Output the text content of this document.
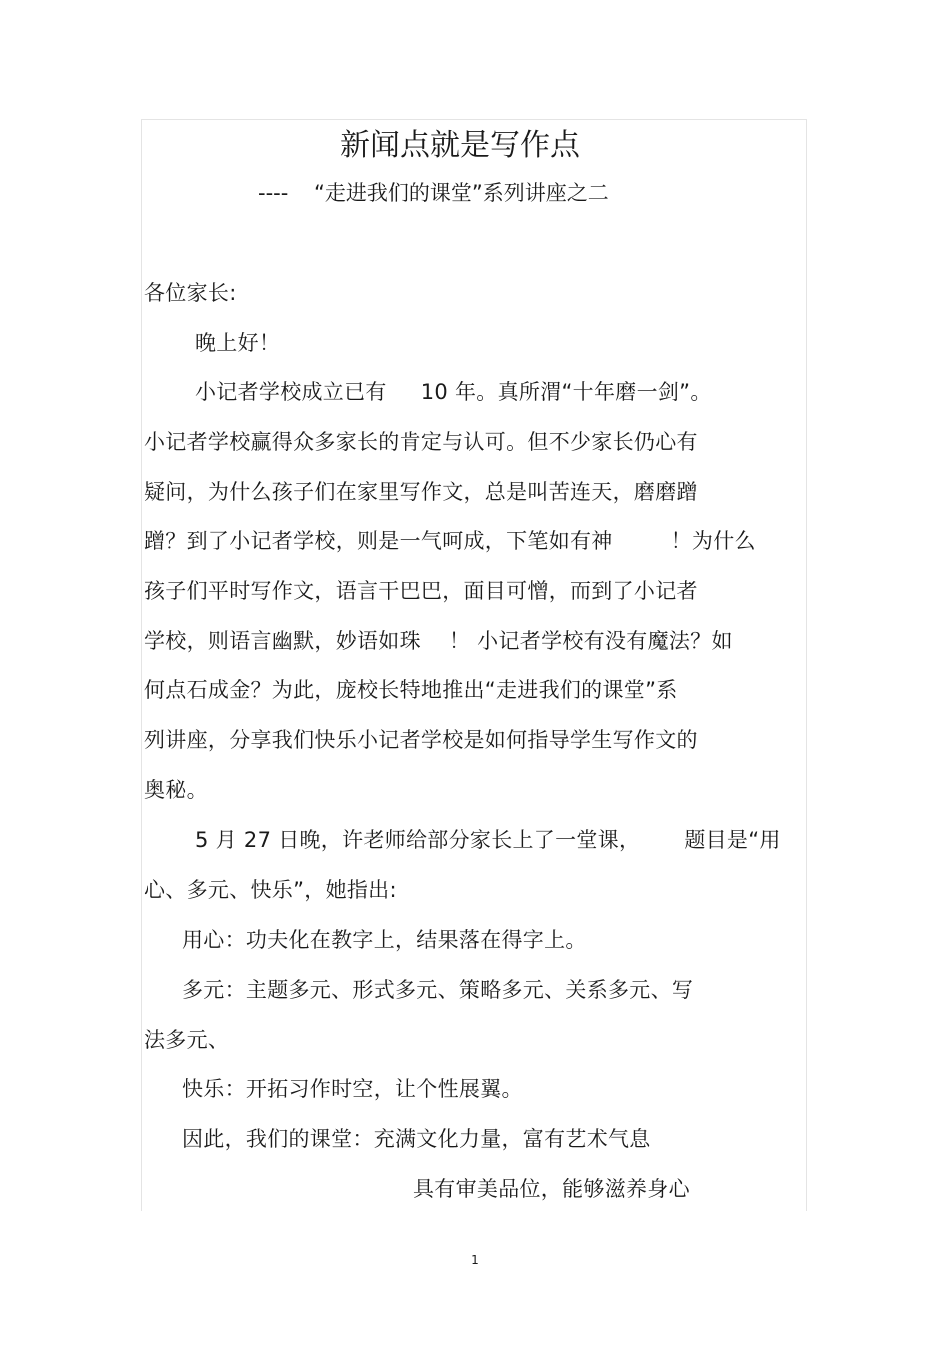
新闻点就是写作点
---- “走进我们的课堂”系列讲座之二
各位家长:
晚上好！
小记者学校成立已有 10 年。真所渭“十年磨一剑”。
小记者学校赢得众多家长的肯定与认可。但不少家长仍心有
疑问，为什么孩子们在家里写作文，总是叫苦连天，磨磨蹭
蹭？到了小记者学校，则是一气呵成，下笔如有神	！为什么
孩子们平时写作文，语言干巴巴，面目可憎，而到了小记者
学校，则语言幽默，妙语如珠 ！ 小记者学校有没有魔法？如
何点石成金？为此，庞校长特地推出“走进我们的课堂”系
列讲座，分享我们快乐小记者学校是如何指导学生写作文的
奥秘。
5 月 27 日晚，许老师给部分家长上了一堂课， 题目是“用
心、多元、快乐”，她指出:
用心：功夫化在教字上，结果落在得字上。
多元：主题多元、形式多元、策略多元、关系多元、写
法多元、
快乐：开拓习作时空，让个性展翼。
因此，我们的课堂：充满文化力量，富有艺术气息
具有审美品位，能够滋养身心
1
